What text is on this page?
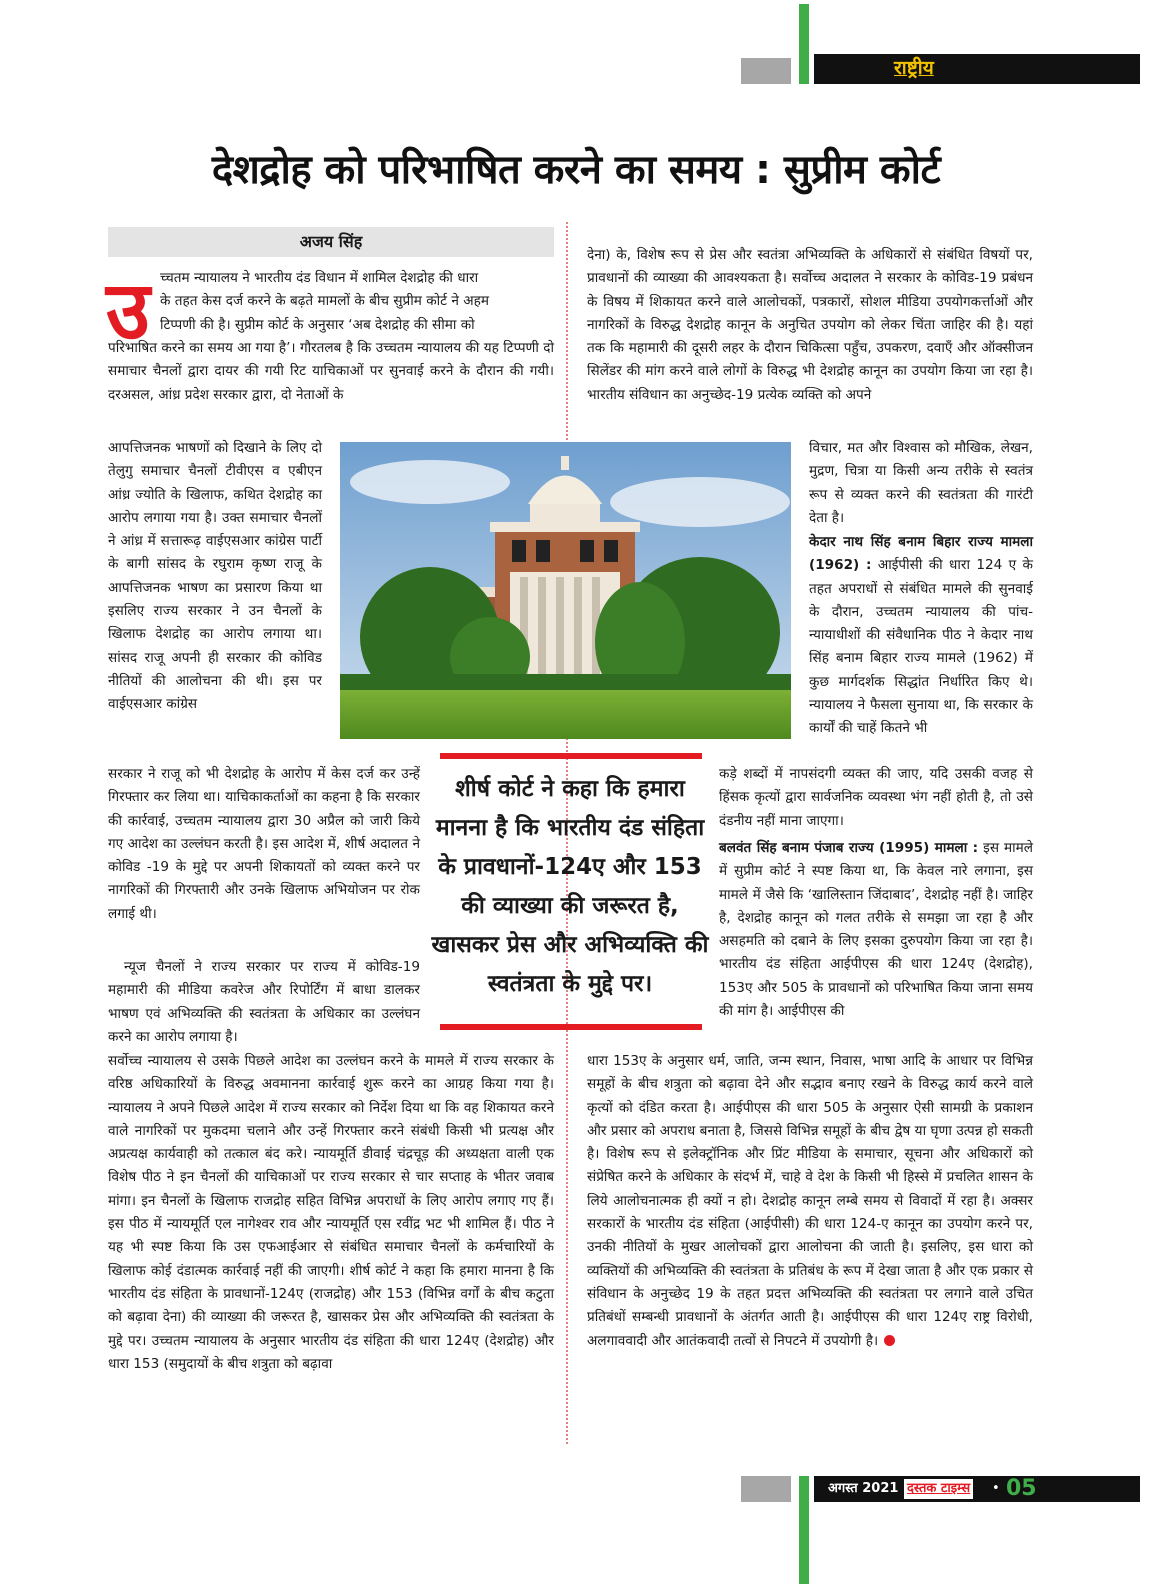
राष्ट्रीय
देशद्रोह को परिभाषित करने का समय : सुप्रीम कोर्ट
अजय सिंह
उ च्चतम न्यायालय ने भारतीय दंड विधान में शामिल देशद्रोह की धारा
के तहत केस दर्ज करने के बढ़ते मामलों के बीच सुप्रीम कोर्ट ने अहम
टिप्पणी की है। सुप्रीम कोर्ट के अनुसार ‘अब देशद्रोह की सीमा को

परिभाषित करने का समय आ गया है’। गौरतलब है कि उच्चतम न्यायालय की यह टिप्पणी दो समाचार चैनलों द्वारा दायर की गयी रिट याचिकाओं पर सुनवाई करने के दौरान की गयी। दरअसल, आंध्र प्रदेश सरकार द्वारा, दो नेताओं के

आपत्तिजनक भाषणों को दिखाने के लिए दो तेलुगु समाचार चैनलों टीवीएस व एबीएन आंध्र ज्योति के खिलाफ, कथित देशद्रोह का आरोप लगाया गया है। उक्त समाचार चैनलों ने आंध्र में सत्तारूढ़ वाईएसआर कांग्रेस पार्टी के बागी सांसद के रघुराम कृष्ण राजू के आपत्तिजनक भाषण का प्रसारण किया था इसलिए राज्य सरकार ने उन चैनलों के खिलाफ देशद्रोह का आरोप लगाया था। सांसद राजू अपनी ही सरकार की कोविड नीतियों की आलोचना की थी। इस पर वाईएसआर कांग्रेस

सरकार ने राजू को भी देशद्रोह के आरोप में केस दर्ज कर उन्हें गिरफ्तार कर लिया था। याचिकाकर्ताओं का कहना है कि सरकार की कार्रवाई, उच्चतम न्यायालय द्वारा 30 अप्रैल को जारी किये गए आदेश का उल्लंघन करती है। इस आदेश में, शीर्ष अदालत ने कोविड -19 के मुद्दे पर अपनी शिकायतों को व्यक्त करने पर नागरिकों की गिरफ्तारी और उनके खिलाफ अभियोजन पर रोक लगाई थी।

न्यूज चैनलों ने राज्य सरकार पर राज्य में कोविड-19 महामारी की मीडिया कवरेज और रिपोर्टिंग में बाधा डालकर भाषण एवं अभिव्यक्ति की स्वतंत्रता के अधिकार का उल्लंघन करने का आरोप लगाया है।

सर्वोच्च न्यायालय से उसके पिछले आदेश का उल्लंघन करने के मामले में राज्य सरकार के वरिष्ठ अधिकारियों के विरुद्ध अवमानना कार्रवाई शुरू करने का आग्रह किया गया है। न्यायालय ने अपने पिछले आदेश में राज्य सरकार को निर्देश दिया था कि वह शिकायत करने वाले नागरिकों पर मुकदमा चलाने और उन्हें गिरफ्तार करने संबंधी किसी भी प्रत्यक्ष और अप्रत्यक्ष कार्यवाही को तत्काल बंद करे। न्यायमूर्ति डीवाई चंद्रचूड़ की अध्यक्षता वाली एक विशेष पीठ ने इन चैनलों की याचिकाओं पर राज्य सरकार से चार सप्ताह के भीतर जवाब मांगा। इन चैनलों के खिलाफ राजद्रोह सहित विभिन्न अपराधों के लिए आरोप लगाए गए हैं। इस पीठ में न्यायमूर्ति एल नागेश्वर राव और न्यायमूर्ति एस रवींद्र भट भी शामिल हैं। पीठ ने यह भी स्पष्ट किया कि उस एफआईआर से संबंधित समाचार चैनलों के कर्मचारियों के खिलाफ कोई दंडात्मक कार्रवाई नहीं की जाएगी। शीर्ष कोर्ट ने कहा कि हमारा मानना है कि भारतीय दंड संहिता के प्रावधानों-124ए (राजद्रोह) और 153 (विभिन्न वर्गों के बीच कटुता को बढ़ावा देना) की व्याख्या की जरूरत है, खासकर प्रेस और अभिव्यक्ति की स्वतंत्रता के मुद्दे पर। उच्चतम न्यायालय के अनुसार भारतीय दंड संहिता की धारा 124ए (देशद्रोह) और धारा 153 (समुदायों के बीच शत्रुता को बढ़ावा

शीर्ष कोर्ट ने कहा कि हमारा मानना है कि भारतीय दंड संहिता के प्रावधानों-124ए और 153 की व्याख्या की जरूरत है, खासकर प्रेस और अभिव्यक्ति की स्वतंत्रता के मुद्दे पर।

देना) के, विशेष रूप से प्रेस और स्वतंत्रा अभिव्यक्ति के अधिकारों से संबंधित विषयों पर, प्रावधानों की व्याख्या की आवश्यकता है। सर्वोच्च अदालत ने सरकार के कोविड-19 प्रबंधन के विषय में शिकायत करने वाले आलोचकों, पत्रकारों, सोशल मीडिया उपयोगकर्त्ताओं और नागरिकों के विरुद्ध देशद्रोह कानून के अनुचित उपयोग को लेकर चिंता जाहिर की है। यहां तक कि महामारी की दूसरी लहर के दौरान चिकित्सा पहुँच, उपकरण, दवाएँ और ऑक्सीजन सिलेंडर की मांग करने वाले लोगों के विरुद्ध भी देशद्रोह कानून का उपयोग किया जा रहा है। भारतीय संविधान का अनुच्छेद-19 प्रत्येक व्यक्ति को अपने

विचार, मत और विश्वास को मौखिक, लेखन, मुद्रण, चित्रा या किसी अन्य तरीके से स्वतंत्र रूप से व्यक्त करने की स्वतंत्रता की गारंटी देता है।

केदार नाथ सिंह बनाम बिहार राज्य मामला (1962) : आईपीसी की धारा 124 ए के तहत अपराधों से संबंधित मामले की सुनवाई के दौरान, उच्चतम न्यायालय की पांच-न्यायाधीशों की संवैधानिक पीठ ने केदार नाथ सिंह बनाम बिहार राज्य मामले (1962) में कुछ मार्गदर्शक सिद्धांत निर्धारित किए थे। न्यायालय ने फैसला सुनाया था, कि सरकार के कार्यों की चाहें कितने भी

कड़े शब्दों में नापसंदगी व्यक्त की जाए, यदि उसकी वजह से हिंसक कृत्यों द्वारा सार्वजनिक व्यवस्था भंग नहीं होती है, तो उसे दंडनीय नहीं माना जाएगा।

बलवंत सिंह बनाम पंजाब राज्य (1995) मामला : इस मामले में सुप्रीम कोर्ट ने स्पष्ट किया था, कि केवल नारे लगाना, इस मामले में जैसे कि ‘खालिस्तान जिंदाबाद’, देशद्रोह नहीं है। जाहिर है, देशद्रोह कानून को गलत तरीके से समझा जा रहा है और असहमति को दबाने के लिए इसका दुरुपयोग किया जा रहा है। भारतीय दंड संहिता आईपीएस की धारा 124ए (देशद्रोह), 153ए और 505 के प्रावधानों को परिभाषित किया जाना समय की मांग है। आईपीएस की

धारा 153ए के अनुसार धर्म, जाति, जन्म स्थान, निवास, भाषा आदि के आधार पर विभिन्न समूहों के बीच शत्रुता को बढ़ावा देने और सद्भाव बनाए रखने के विरुद्ध कार्य करने वाले कृत्यों को दंडित करता है। आईपीएस की धारा 505 के अनुसार ऐसी सामग्री के प्रकाशन और प्रसार को अपराध बनाता है, जिससे विभिन्न समूहों के बीच द्वेष या घृणा उत्पन्न हो सकती है। विशेष रूप से इलेक्ट्रॉनिक और प्रिंट मीडिया के समाचार, सूचना और अधिकारों को संप्रेषित करने के अधिकार के संदर्भ में, चाहे वे देश के किसी भी हिस्से में प्रचलित शासन के लिये आलोचनात्मक ही क्यों न हो। देशद्रोह कानून लम्बे समय से विवादों में रहा है। अक्सर सरकारों के भारतीय दंड संहिता (आईपीसी) की धारा 124-ए कानून का उपयोग करने पर, उनकी नीतियों के मुखर आलोचकों द्वारा आलोचना की जाती है। इसलिए, इस धारा को व्यक्तियों की अभिव्यक्ति की स्वतंत्रता के प्रतिबंध के रूप में देखा जाता है और एक प्रकार से संविधान के अनुच्छेद 19 के तहत प्रदत्त अभिव्यक्ति की स्वतंत्रता पर लगाने वाले उचित प्रतिबंधों सम्बन्धी प्रावधानों के अंतर्गत आती है। आईपीएस की धारा 124ए राष्ट्र विरोधी, अलगाववादी और आतंकवादी तत्वों से निपटने में उपयोगी है।

अगस्त 2021 दस्तक टाइम्स • 05
